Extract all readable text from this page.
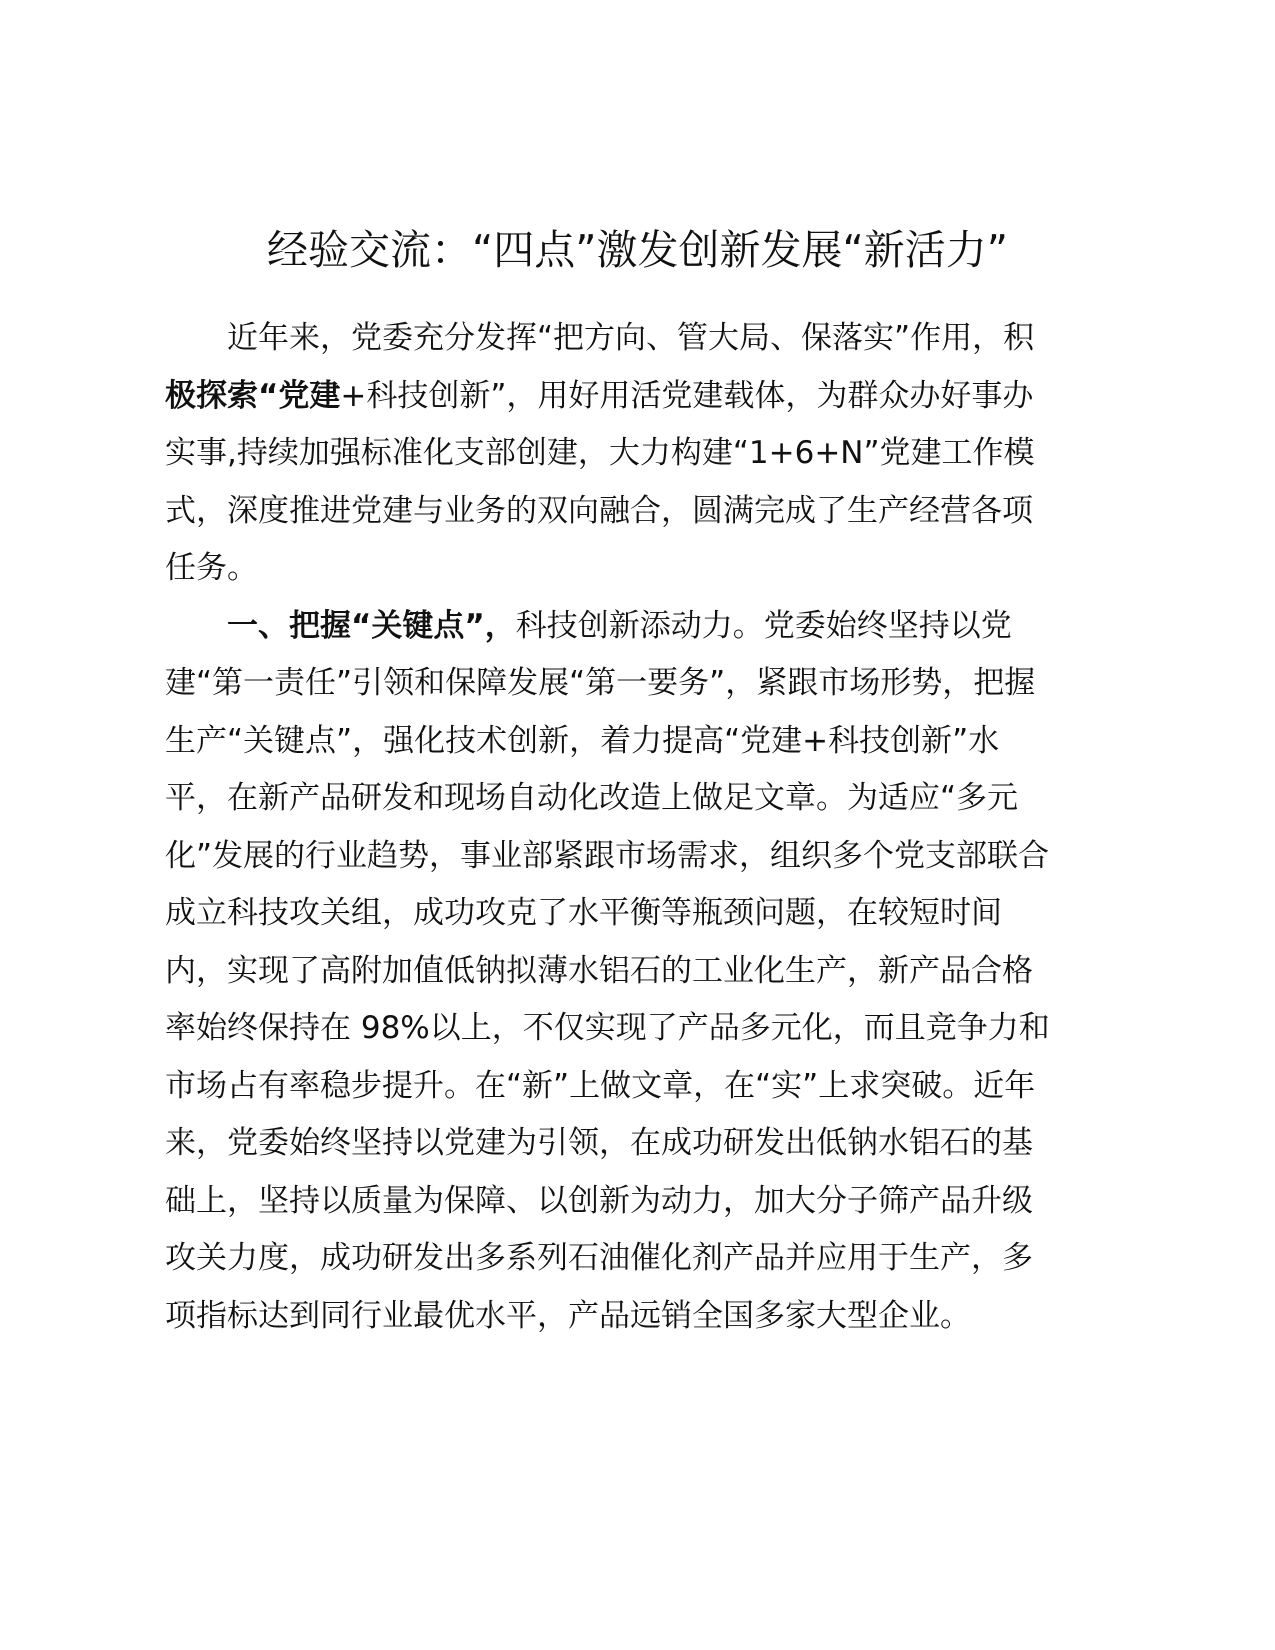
经验交流：“四点”激发创新发展“新活力”
近年来，党委充分发挥“把方向、管大局、保落实”作用，积
极探索“党建+科技创新”，用好用活党建载体，为群众办好事办
实事,持续加强标准化支部创建，大力构建“1+6+N”党建工作模
式，深度推进党建与业务的双向融合，圆满完成了生产经营各项
任务。
一、把握“关键点”，科技创新添动力。党委始终坚持以党
建“第一责任”引领和保障发展“第一要务”，紧跟市场形势，把握
生产“关键点”，强化技术创新，着力提高“党建+科技创新”水
平，在新产品研发和现场自动化改造上做足文章。为适应“多元
化”发展的行业趋势，事业部紧跟市场需求，组织多个党支部联合
成立科技攻关组，成功攻克了水平衡等瓶颈问题，在较短时间
内，实现了高附加值低钠拟薄水铝石的工业化生产，新产品合格
率始终保持在 98%以上，不仅实现了产品多元化，而且竞争力和
市场占有率稳步提升。在“新”上做文章，在“实”上求突破。近年
来，党委始终坚持以党建为引领，在成功研发出低钠水铝石的基
础上，坚持以质量为保障、以创新为动力，加大分子筛产品升级
攻关力度，成功研发出多系列石油催化剂产品并应用于生产，多
项指标达到同行业最优水平，产品远销全国多家大型企业。
